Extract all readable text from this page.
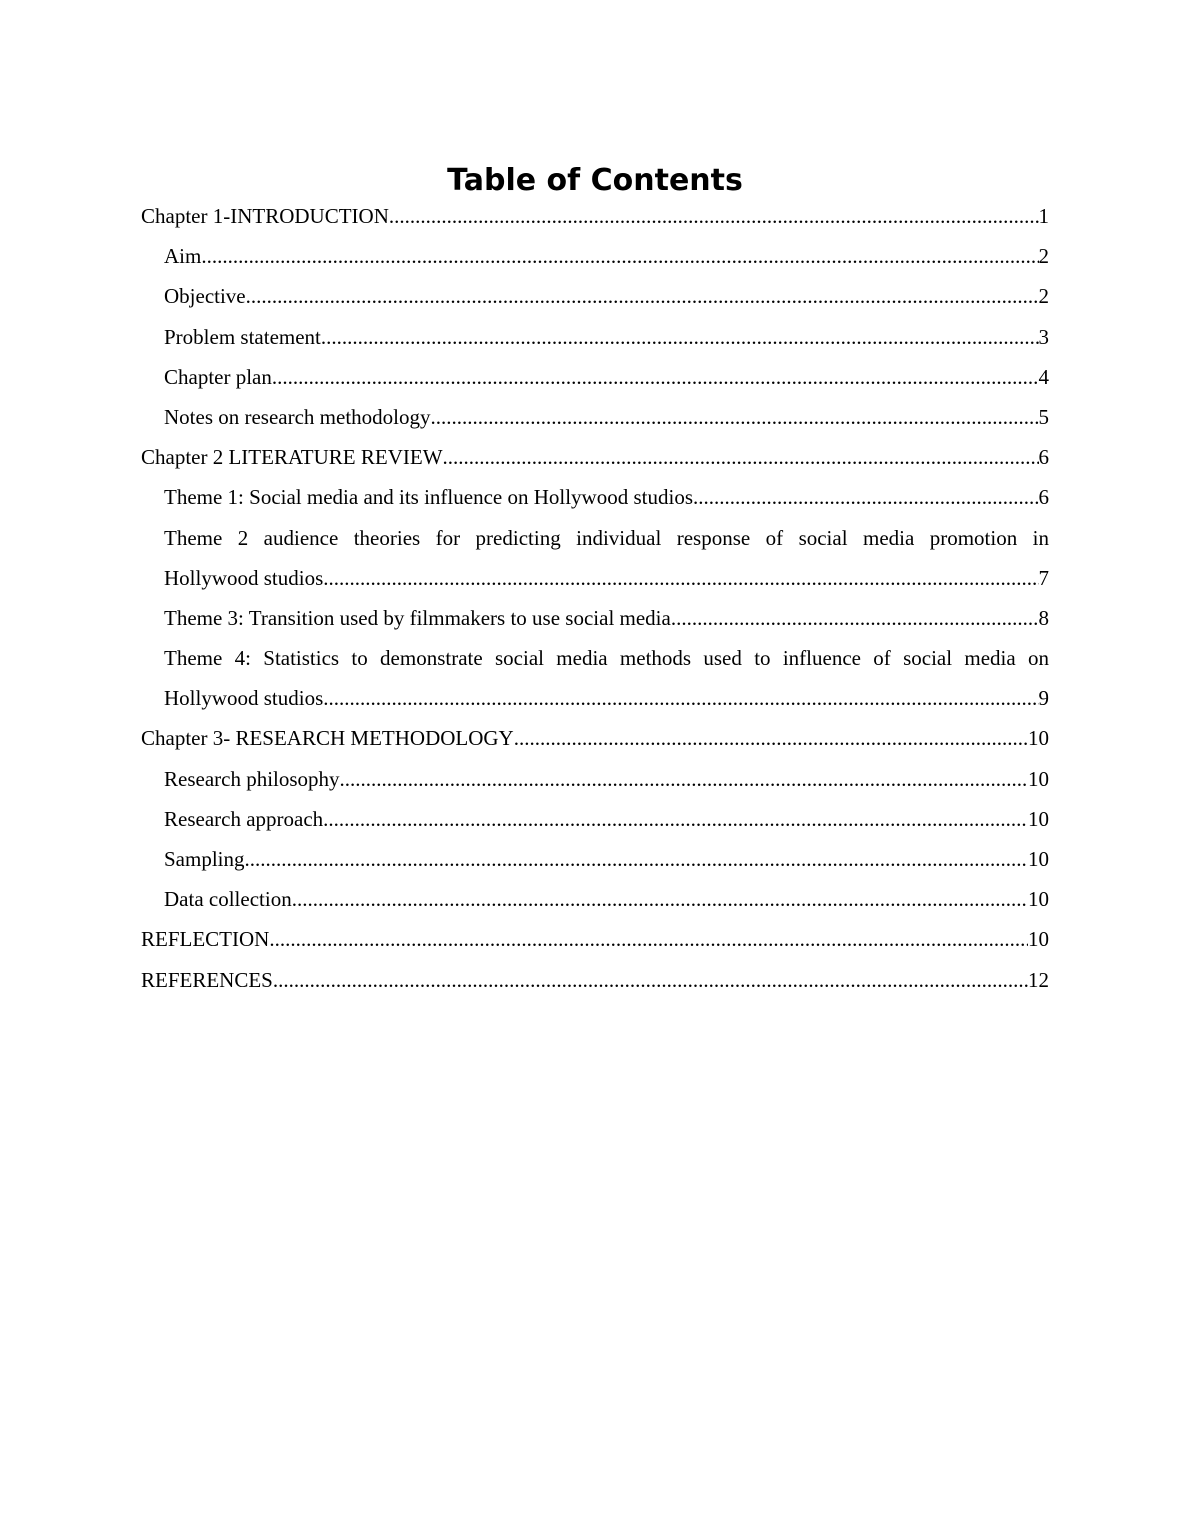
Table of Contents
Chapter 1-INTRODUCTION .....	1
Aim .....	2
Objective .....	2
Problem statement .....	3
Chapter plan .....	4
Notes on research methodology .....	5
Chapter 2 LITERATURE REVIEW .....	6
Theme 1: Social media and its influence on Hollywood studios .....	6
Theme 2 audience theories for predicting individual response of social media promotion in
Hollywood studios .....	7
Theme 3: Transition used by filmmakers to use social media .....	8
Theme 4: Statistics to demonstrate social media methods used to influence of social media on
Hollywood studios .....	9
Chapter 3- RESEARCH METHODOLOGY .....	10
Research philosophy .....	10
Research approach .....	10
Sampling .....	10
Data collection .....	10
REFLECTION .....	10
REFERENCES .....	12
